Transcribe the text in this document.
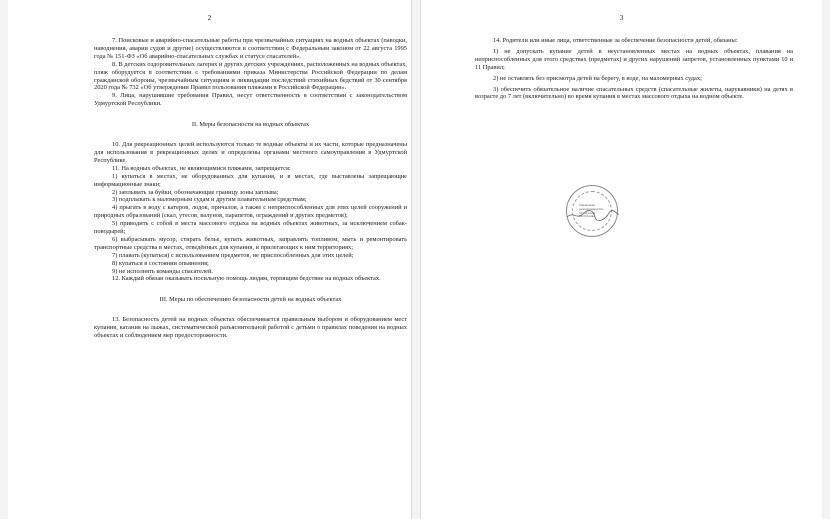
2

7. Поисковые и аварийно-спасательные работы при чрезвычайных ситуациях на водных объектах (паводки, наводнения, аварии судов и другие) осуществляются в соответствии с Федеральным законом от 22 августа 1995 года № 151-ФЗ «Об аварийно-спасательных службах и статусе спасателей».

8. В детских оздоровительных лагерях и других детских учреждениях, расположенных на водных объектах, пляж оборудуется в соответствии с требованиями приказа Министерства Российской Федерации по делам гражданской обороны, чрезвычайным ситуациям и ликвидации последствий стихийных бедствий от 30 сентября 2020 года № 732 «Об утверждении Правил пользования пляжами в Российской Федерации».

9. Лица, нарушившие требования Правил, несут ответственность в соответствии с законодательством Удмуртской Республики.

II. Меры безопасности на водных объектах

10. Для рекреационных целей используются только те водные объекты и их части, которые предназначены для использования в рекреационных целях и определены органами местного самоуправления в Удмуртской Республике.

11. На водных объектах, не являющимися пляжами, запрещается:

1) купаться в местах, не оборудованных для купания, и в местах, где выставлены запрещающие информационные знаки;

2) заплывать за буйки, обозначающие границу зоны заплыва;

3) подплывать к маломерным судам и другим плавательным средствам;

4) прыгать в воду с катеров, лодок, причалов, а также с неприспособленных для этих целей сооружений и природных образований (скал, утесов, валунов, парапетов, ограждений и других предметов);

5) приводить с собой в места массового отдыха на водных объектах животных, за исключением собак-поводырей;

6) выбрасывать мусор, стирать белье, купать животных, заправлять топливом, мыть и ремонтировать транспортные средства в местах, отведённых для купания, и прилегающих к ним территориях;

7) плавать (купаться) с использованием предметов, не приспособленных для этих целей;

8) купаться в состоянии опьянения;

9) не исполнять команды спасателей.

12. Каждый обязан оказывать посильную помощь людям, терпящим бедствие на водных объектах.

III. Меры по обеспечению безопасности детей на водных объектах

13. Безопасность детей на водных объектах обеспечивается правильным выбором и оборудованием мест купания, катания на лыжах, систематической разъяснительной работой с детьми о правилах поведения на водных объектах и соблюдением мер предосторожности.

3

14. Родители или иные лица, ответственные за обеспечение безопасности детей, обязаны:

1) не допускать купание детей в неустановленных местах на водных объектах, плавания на неприспособленных для этого средствах (предметах) и других нарушений запретов, установленных пунктами 10 и 11 Правил;

2) не оставлять без присмотра детей на берегу, в воде, на маломерных судах;

3) обеспечить обязательное наличие спасательных средств (спасательные жилеты, нарукавники) на детях в возрасте до 7 лет (включительно) во время купания в местах массового отдыха на водном объекте.

Управление делопроизводства Удмуртской Республики
